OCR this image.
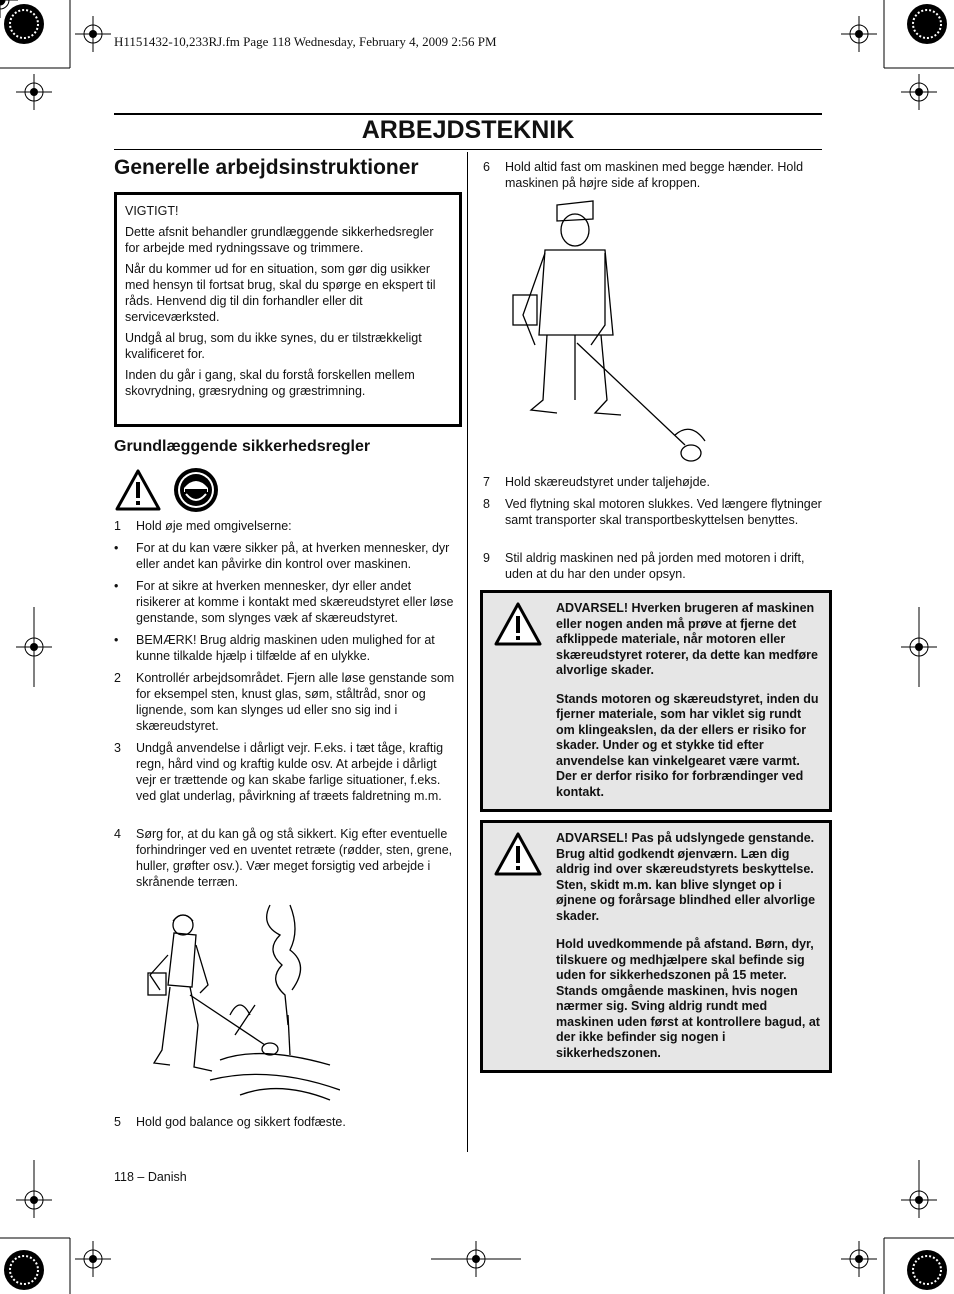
H1151432-10,233RJ.fm Page 118 Wednesday, February 4, 2009 2:56 PM
ARBEJDSTEKNIK
Generelle arbejdsinstruktioner

VIGTIGT!

Dette afsnit behandler grundlæggende sikkerhedsregler for arbejde med rydningssave og trimmere.

Når du kommer ud for en situation, som gør dig usikker med hensyn til fortsat brug, skal du spørge en ekspert til råds. Henvend dig til din forhandler eller dit serviceværksted.

Undgå al brug, som du ikke synes, du er tilstrækkeligt kvalificeret for.

Inden du går i gang, skal du forstå forskellen mellem skovrydning, græsrydning og græstrimning.

Grundlæggende sikkerhedsregler
1 Hold øje med omgivelserne:
• For at du kan være sikker på, at hverken mennesker, dyr eller andet kan påvirke din kontrol over maskinen.
• For at sikre at hverken mennesker, dyr eller andet risikerer at komme i kontakt med skæreudstyret eller løse genstande, som slynges væk af skæreudstyret.
• BEMÆRK! Brug aldrig maskinen uden mulighed for at kunne tilkalde hjælp i tilfælde af en ulykke.
2 Kontrollér arbejdsområdet. Fjern alle løse genstande som for eksempel sten, knust glas, søm, ståltråd, snor og lignende, som kan slynges ud eller sno sig ind i skæreudstyret.
3 Undgå anvendelse i dårligt vejr. F.eks. i tæt tåge, kraftig regn, hård vind og kraftig kulde osv. At arbejde i dårligt vejr er trættende og kan skabe farlige situationer, f.eks. ved glat underlag, påvirkning af træets faldretning m.m.
4 Sørg for, at du kan gå og stå sikkert. Kig efter eventuelle forhindringer ved en uventet retræte (rødder, sten, grene, huller, grøfter osv.). Vær meget forsigtig ved arbejde i skrånende terræn.
5 Hold god balance og sikkert fodfæste.
6 Hold altid fast om maskinen med begge hænder. Hold maskinen på højre side af kroppen.
7 Hold skæreudstyret under taljehøjde.
8 Ved flytning skal motoren slukkes. Ved længere flytninger samt transporter skal transportbeskyttelsen benyttes.
9 Stil aldrig maskinen ned på jorden med motoren i drift, uden at du har den under opsyn.

ADVARSEL! Hverken brugeren af maskinen eller nogen anden må prøve at fjerne det afklippede materiale, når motoren eller skæreudstyret roterer, da dette kan medføre alvorlige skader.

Stands motoren og skæreudstyret, inden du fjerner materiale, som har viklet sig rundt om klingeakslen, da der ellers er risiko for skader. Under og et stykke tid efter anvendelse kan vinkelgearet være varmt. Der er derfor risiko for forbrændinger ved kontakt.

ADVARSEL! Pas på udslyngede genstande. Brug altid godkendt øjenværn. Læn dig aldrig ind over skæreudstyrets beskyttelse. Sten, skidt m.m. kan blive slynget op i øjnene og forårsage blindhed eller alvorlige skader.

Hold uvedkommende på afstand. Børn, dyr, tilskuere og medhjælpere skal befinde sig uden for sikkerhedszonen på 15 meter. Stands omgående maskinen, hvis nogen nærmer sig. Sving aldrig rundt med maskinen uden først at kontrollere bagud, at der ikke befinder sig nogen i sikkerhedszonen.

118 – Danish
